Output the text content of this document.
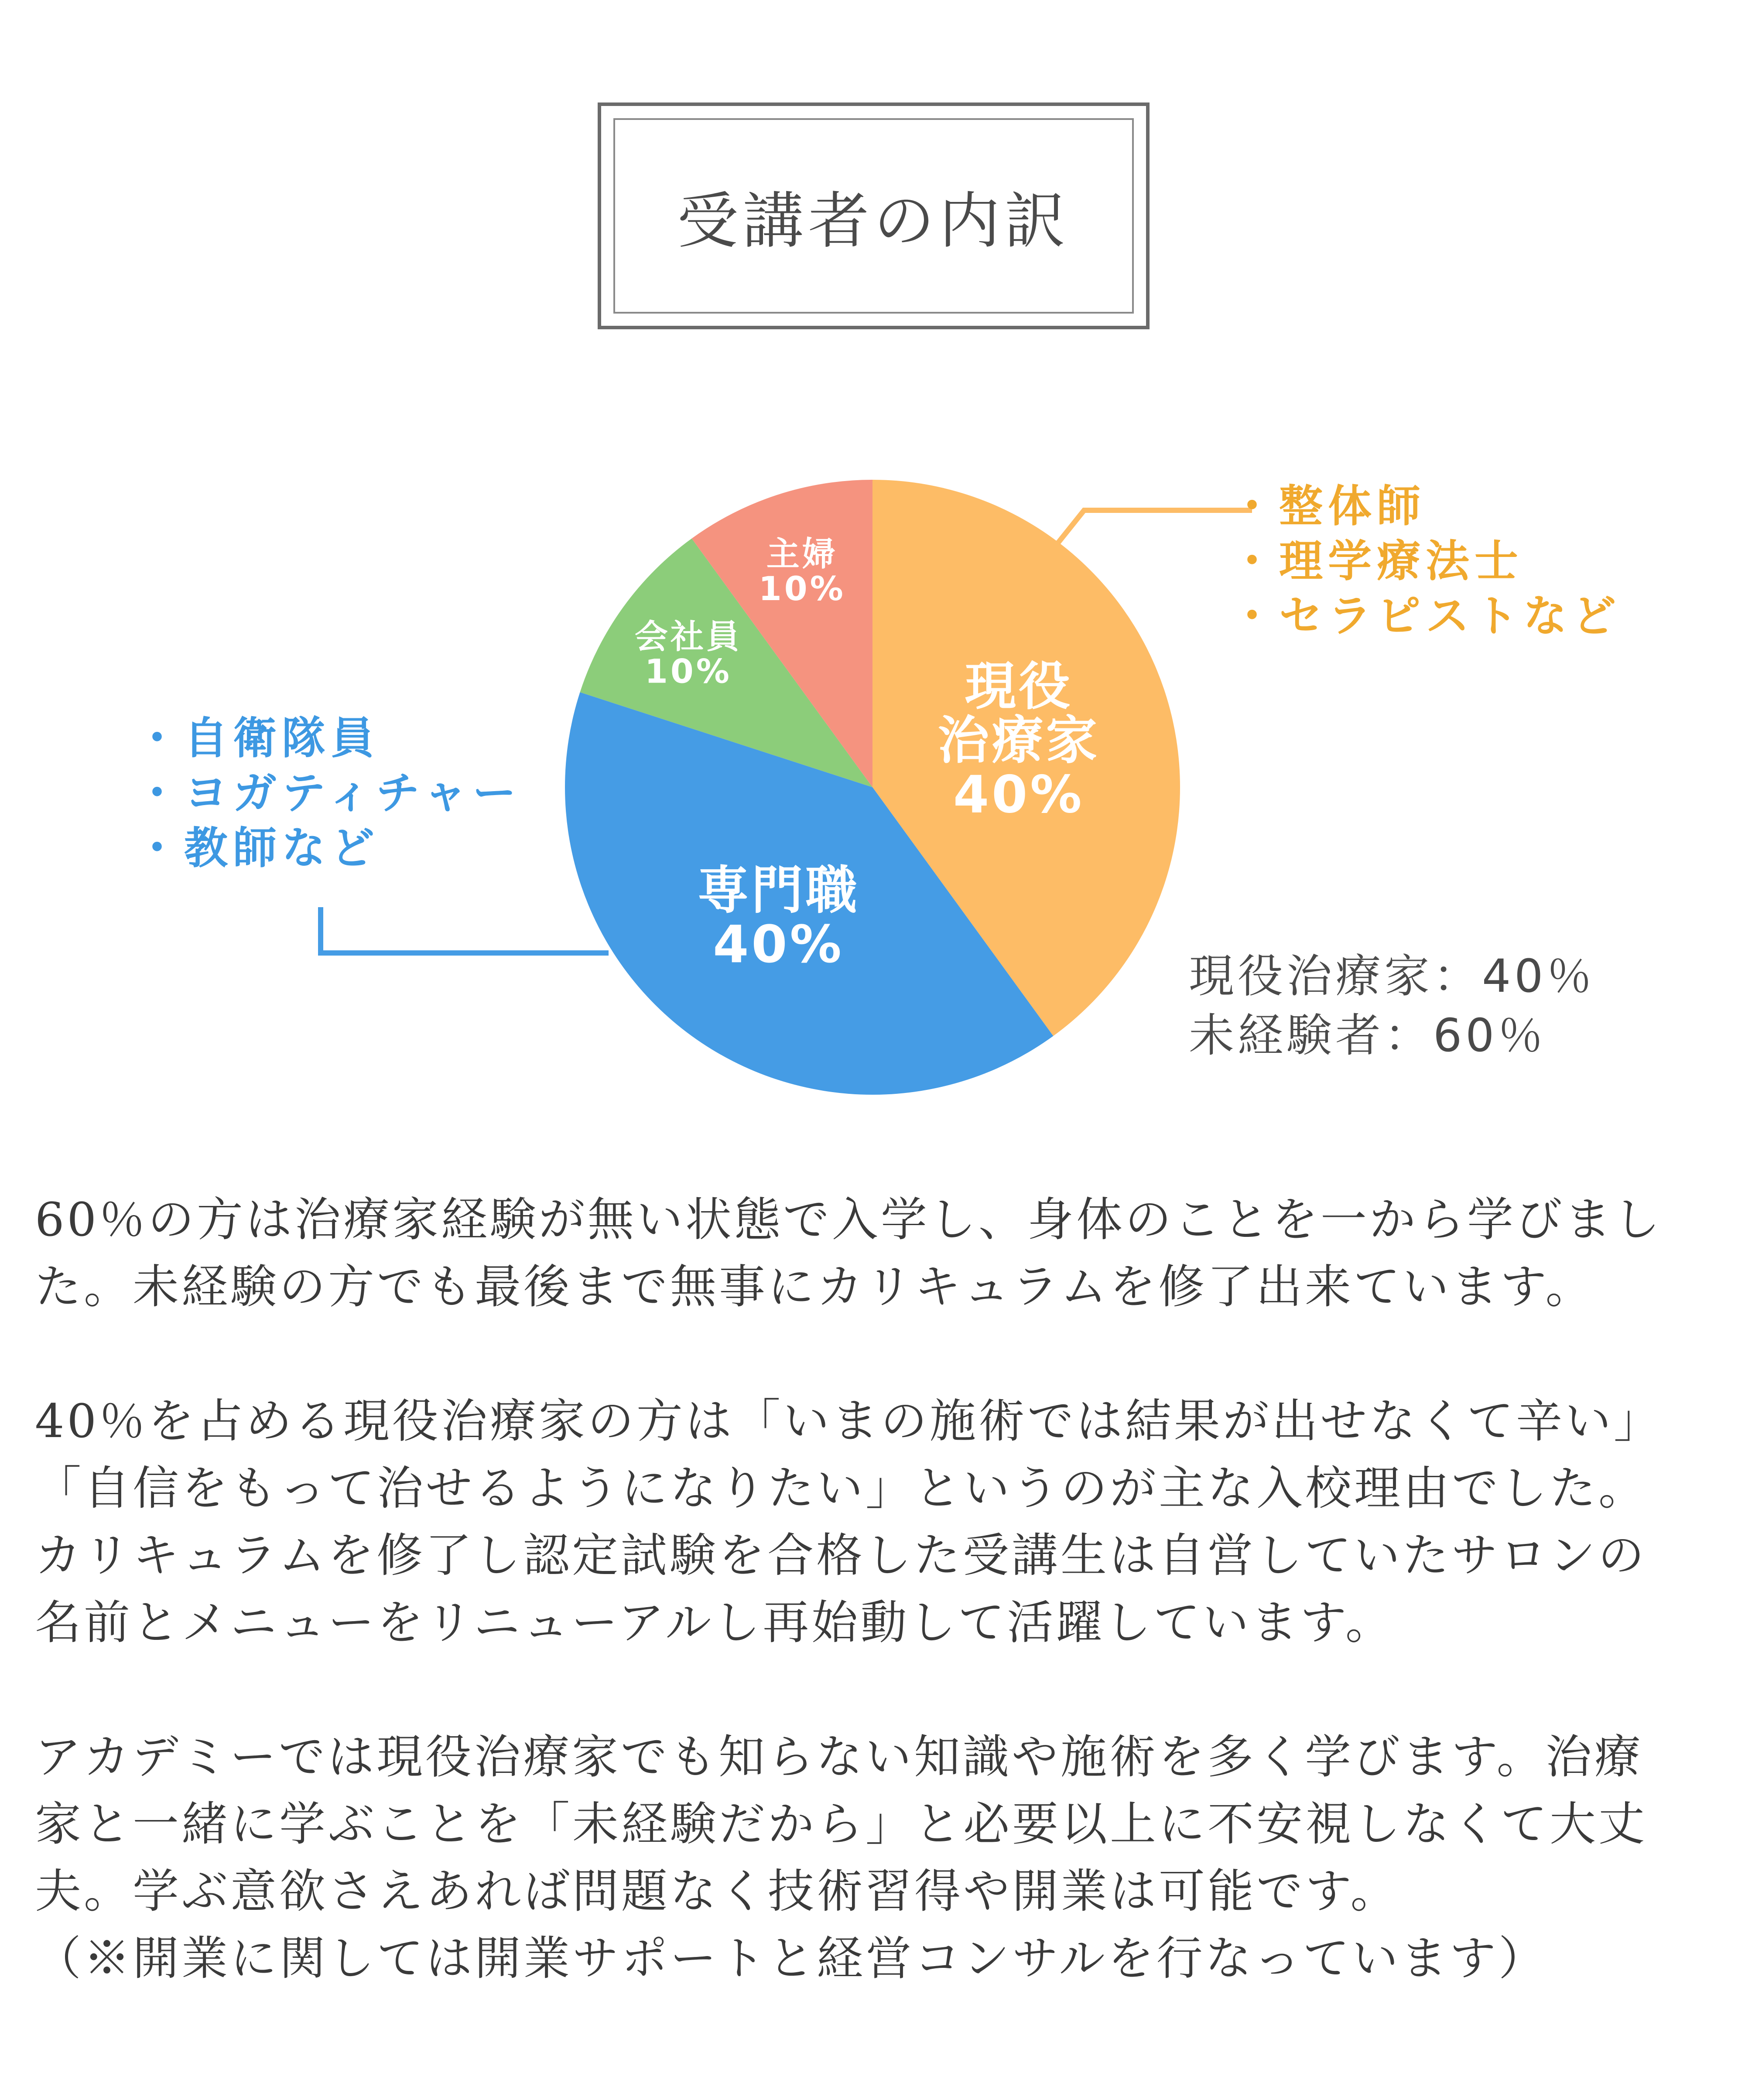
受講者の内訳
現役
治療家
40%
専門職
40%
会社員
10%
主婦
10%
・整体師
・理学療法士
・セラピストなど
・自衛隊員
・ヨガティチャー
・教師など
現役治療家：40％
未経験者：60％
60％の方は治療家経験が無い状態で入学し、身体のことを一から学びまし
た。未経験の方でも最後まで無事にカリキュラムを修了出来ています。
40％を占める現役治療家の方は「いまの施術では結果が出せなくて辛い」
「自信をもって治せるようになりたい」というのが主な入校理由でした。
カリキュラムを修了し認定試験を合格した受講生は自営していたサロンの
名前とメニューをリニューアルし再始動して活躍しています。
アカデミーでは現役治療家でも知らない知識や施術を多く学びます。治療
家と一緒に学ぶことを「未経験だから」と必要以上に不安視しなくて大丈
夫。学ぶ意欲さえあれば問題なく技術習得や開業は可能です。
（※開業に関しては開業サポートと経営コンサルを行なっています）
